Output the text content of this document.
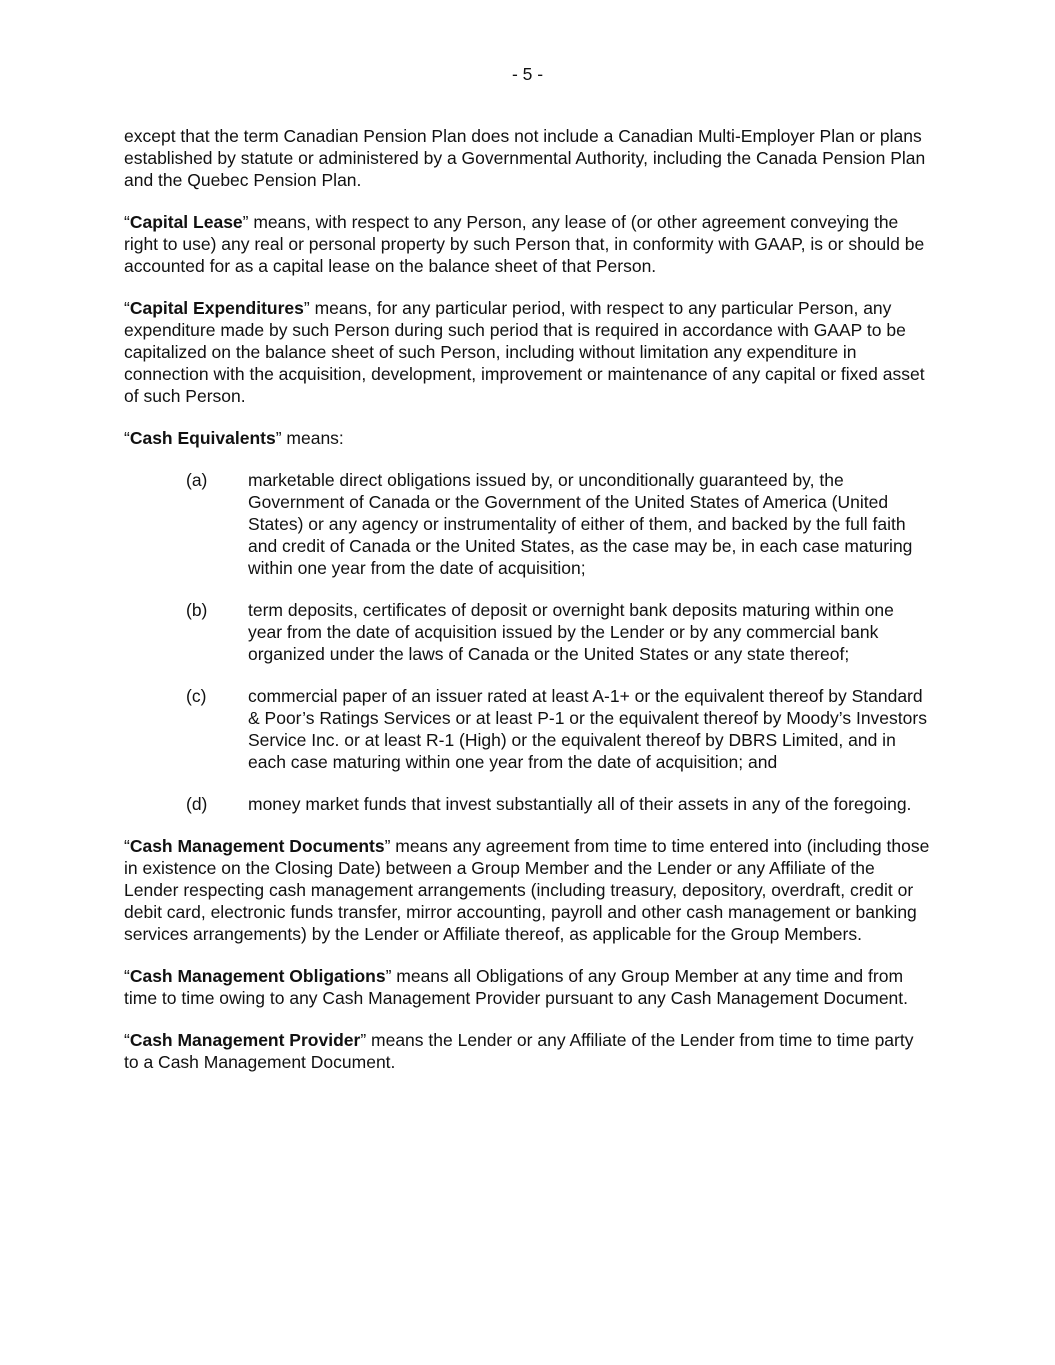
- 5 -

except that the term Canadian Pension Plan does not include a Canadian Multi-Employer Plan or plans established by statute or administered by a Governmental Authority, including the Canada Pension Plan and the Quebec Pension Plan.

“Capital Lease” means, with respect to any Person, any lease of (or other agreement conveying the right to use) any real or personal property by such Person that, in conformity with GAAP, is or should be accounted for as a capital lease on the balance sheet of that Person.

“Capital Expenditures” means, for any particular period, with respect to any particular Person, any expenditure made by such Person during such period that is required in accordance with GAAP to be capitalized on the balance sheet of such Person, including without limitation any expenditure in connection with the acquisition, development, improvement or maintenance of any capital or fixed asset of such Person.

“Cash Equivalents” means:

(a)	marketable direct obligations issued by, or unconditionally guaranteed by, the Government of Canada or the Government of the United States of America (United States) or any agency or instrumentality of either of them, and backed by the full faith and credit of Canada or the United States, as the case may be, in each case maturing within one year from the date of acquisition;
(b)	term deposits, certificates of deposit or overnight bank deposits maturing within one year from the date of acquisition issued by the Lender or by any commercial bank organized under the laws of Canada or the United States or any state thereof;
(c)	commercial paper of an issuer rated at least A-1+ or the equivalent thereof by Standard & Poor’s Ratings Services or at least P-1 or the equivalent thereof by Moody’s Investors Service Inc. or at least R-1 (High) or the equivalent thereof by DBRS Limited, and in each case maturing within one year from the date of acquisition; and
(d)	money market funds that invest substantially all of their assets in any of the foregoing.

“Cash Management Documents” means any agreement from time to time entered into (including those in existence on the Closing Date) between a Group Member and the Lender or any Affiliate of the Lender respecting cash management arrangements (including treasury, depository, overdraft, credit or debit card, electronic funds transfer, mirror accounting, payroll and other cash management or banking services arrangements) by the Lender or Affiliate thereof, as applicable for the Group Members.

“Cash Management Obligations” means all Obligations of any Group Member at any time and from time to time owing to any Cash Management Provider pursuant to any Cash Management Document.

“Cash Management Provider” means the Lender or any Affiliate of the Lender from time to time party to a Cash Management Document.
